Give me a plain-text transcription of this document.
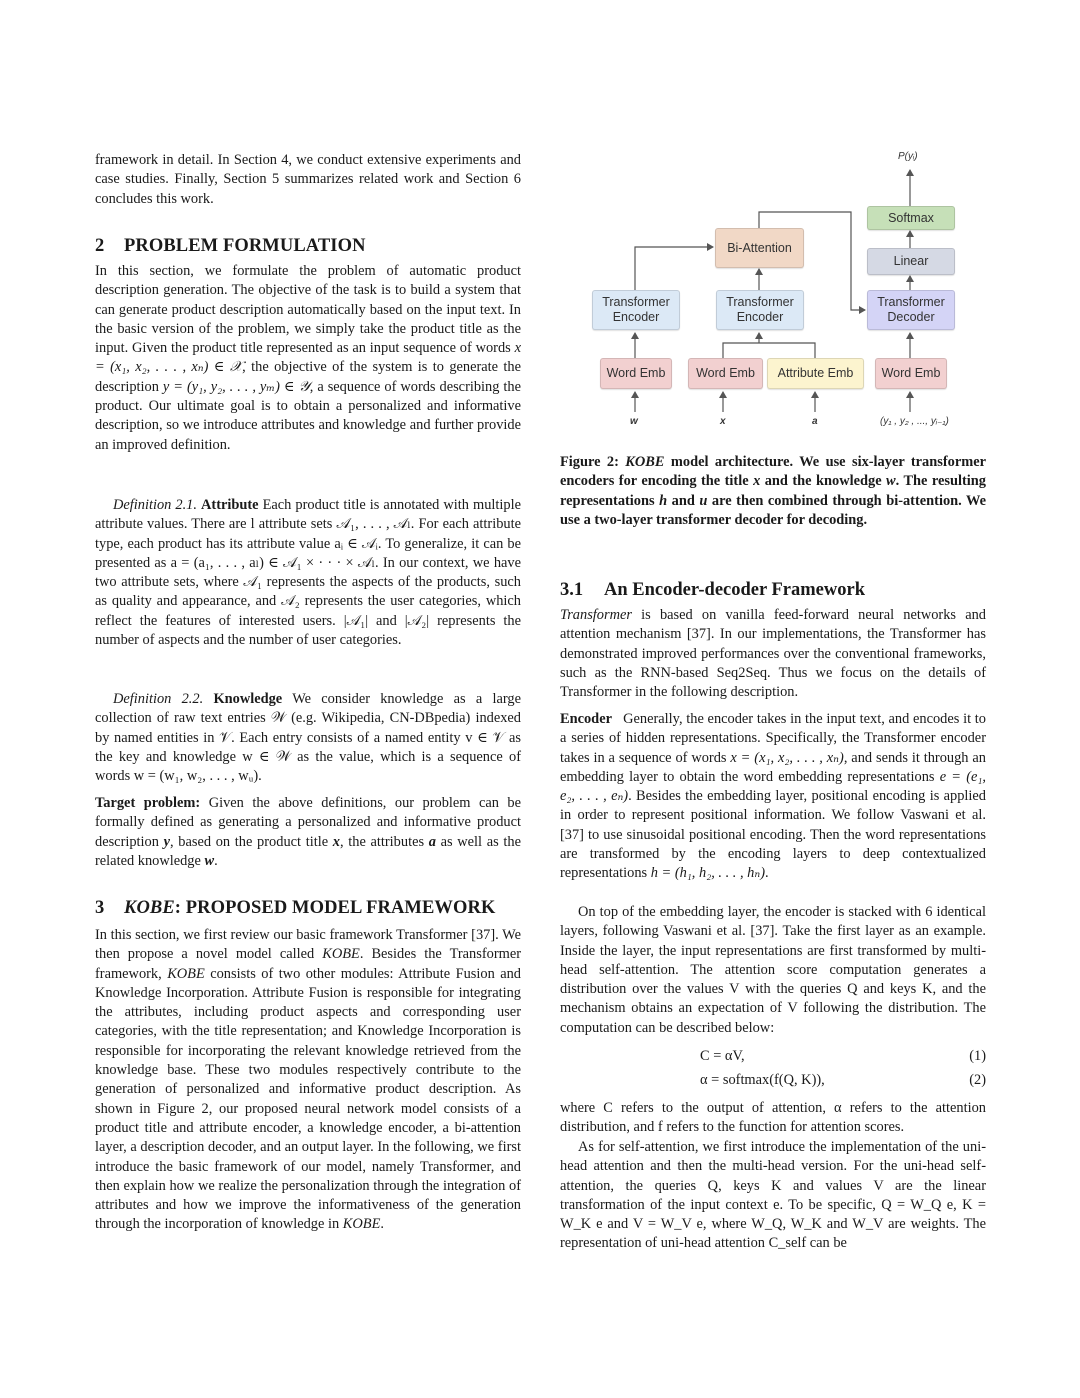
framework in detail. In Section 4, we conduct extensive experiments and case studies. Finally, Section 5 summarizes related work and Section 6 concludes this work.

2 PROBLEM FORMULATION

In this section, we formulate the problem of automatic product description generation. The objective of the task is to build a system that can generate product description automatically based on the input text. In the basic version of the problem, we simply take the product title as the input. Given the product title represented as an input sequence of words x = (x₁, x₂, . . . , xₙ) ∈ 𝒳, the objective of the system is to generate the description y = (y₁, y₂, . . . , yₘ) ∈ 𝒴, a sequence of words describing the product. Our ultimate goal is to obtain a personalized and informative description, so we introduce attributes and knowledge and further provide an improved definition.

Definition 2.1. Attribute Each product title is annotated with multiple attribute values. There are l attribute sets 𝒜₁, . . . , 𝒜ₗ. For each attribute type, each product has its attribute value aᵢ ∈ 𝒜ᵢ. To generalize, it can be presented as a = (a₁, . . . , aₗ) ∈ 𝒜₁ × · · · × 𝒜ₗ. In our context, we have two attribute sets, where 𝒜₁ represents the aspects of the products, such as quality and appearance, and 𝒜₂ represents the user categories, which reflect the features of interested users. |𝒜₁| and |𝒜₂| represents the number of aspects and the number of user categories.

Definition 2.2. Knowledge We consider knowledge as a large collection of raw text entries 𝒲 (e.g. Wikipedia, CN-DBpedia) indexed by named entities in 𝒱. Each entry consists of a named entity v ∈ 𝒱 as the key and knowledge w ∈ 𝒲 as the value, which is a sequence of words w = (w₁, w₂, . . . , wᵤ).

Target problem: Given the above definitions, our problem can be formally defined as generating a personalized and informative product description y, based on the product title x, the attributes a as well as the related knowledge w.

3 KOBE: PROPOSED MODEL FRAMEWORK

In this section, we first review our basic framework Transformer [37]. We then propose a novel model called KOBE. Besides the Transformer framework, KOBE consists of two other modules: Attribute Fusion and Knowledge Incorporation. Attribute Fusion is responsible for integrating the attributes, including product aspects and corresponding user categories, with the title representation; and Knowledge Incorporation is responsible for incorporating the relevant knowledge retrieved from the knowledge base. These two modules respectively contribute to the generation of personalized and informative product description. As shown in Figure 2, our proposed neural network model consists of a product title and attribute encoder, a knowledge encoder, a bi-attention layer, a description decoder, and an output layer. In the following, we first introduce the basic framework of our model, namely Transformer, and then explain how we realize the personalization through the integration of attributes and how we improve the informativeness of the generation through the incorporation of knowledge in KOBE.

Transformer Encoder
Transformer Encoder
Bi-Attention
Transformer Decoder
Linear
Softmax
Word Emb	Word Emb	Attribute Emb	Word Emb
w	x	a	(y₁ , y₂ , ..., yᵢ₋₁)
P(yᵢ)

Figure 2: KOBE model architecture. We use six-layer transformer encoders for encoding the title x and the knowledge w. The resulting representations h and u are then combined through bi-attention. We use a two-layer transformer decoder for decoding.

3.1 An Encoder-decoder Framework

Transformer is based on vanilla feed-forward neural networks and attention mechanism [37]. In our implementations, the Transformer has demonstrated improved performances over the conventional frameworks, such as the RNN-based Seq2Seq. Thus we focus on the details of Transformer in the following description.

Encoder Generally, the encoder takes in the input text, and encodes it to a series of hidden representations. Specifically, the Transformer encoder takes in a sequence of words x = (x₁, x₂, . . . , xₙ), and sends it through an embedding layer to obtain the word embedding representations e = (e₁, e₂, . . . , eₙ). Besides the embedding layer, positional encoding is applied in order to represent positional information. We follow Vaswani et al. [37] to use sinusoidal positional encoding. Then the word representations are transformed by the encoding layers to deep contextualized representations h = (h₁, h₂, . . . , hₙ).

On top of the embedding layer, the encoder is stacked with 6 identical layers, following Vaswani et al. [37]. Take the first layer as an example. Inside the layer, the input representations are first transformed by multi-head self-attention. The attention score computation generates a distribution over the values V with the queries Q and keys K, and the mechanism obtains an expectation of V following the distribution. The computation can be described below:

C = αV,	(1)
α = softmax(f(Q, K)),	(2)

where C refers to the output of attention, α refers to the attention distribution, and f refers to the function for attention scores.

As for self-attention, we first introduce the implementation of the uni-head attention and then the multi-head version. For the uni-head self-attention, the queries Q, keys K and values V are the linear transformation of the input context e. To be specific, Q = W_Q e, K = W_K e and V = W_V e, where W_Q, W_K and W_V are weights. The representation of uni-head attention C_self can be
